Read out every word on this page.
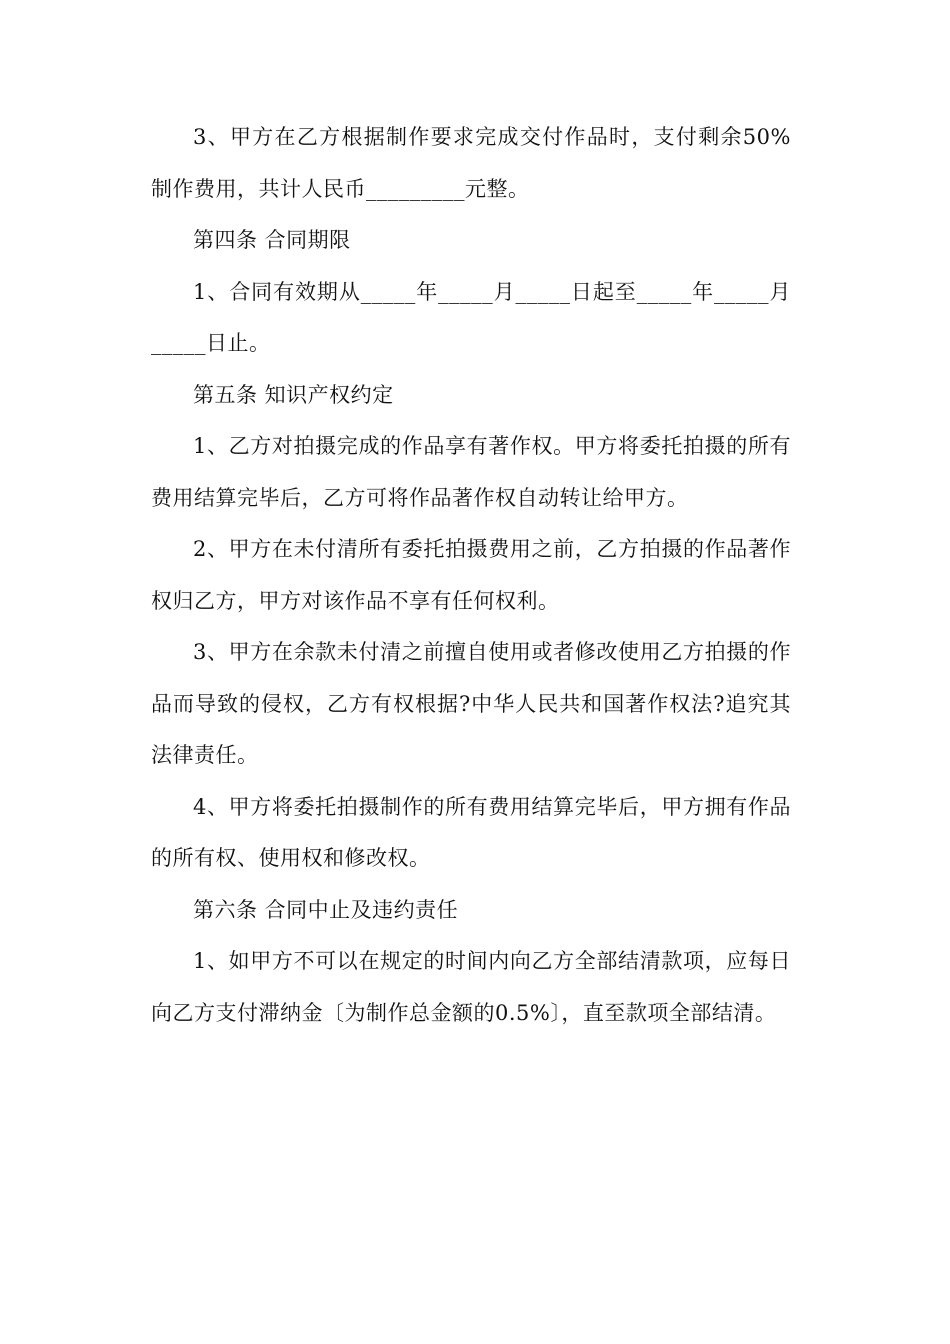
3、甲方在乙方根据制作要求完成交付作品时，支付剩余50%制作费用，共计人民币_________元整。

第四条 合同期限

1、合同有效期从_____年_____月_____日起至_____年_____月_____日止。

第五条 知识产权约定

1、乙方对拍摄完成的作品享有著作权。甲方将委托拍摄的所有费用结算完毕后，乙方可将作品著作权自动转让给甲方。

2、甲方在未付清所有委托拍摄费用之前，乙方拍摄的作品著作权归乙方，甲方对该作品不享有任何权利。

3、甲方在余款未付清之前擅自使用或者修改使用乙方拍摄的作品而导致的侵权，乙方有权根据?中华人民共和国著作权法?追究其法律责任。

4、甲方将委托拍摄制作的所有费用结算完毕后，甲方拥有作品的所有权、使用权和修改权。

第六条 合同中止及违约责任

1、如甲方不可以在规定的时间内向乙方全部结清款项，应每日向乙方支付滞纳金〔为制作总金额的0.5%〕，直至款项全部结清。
